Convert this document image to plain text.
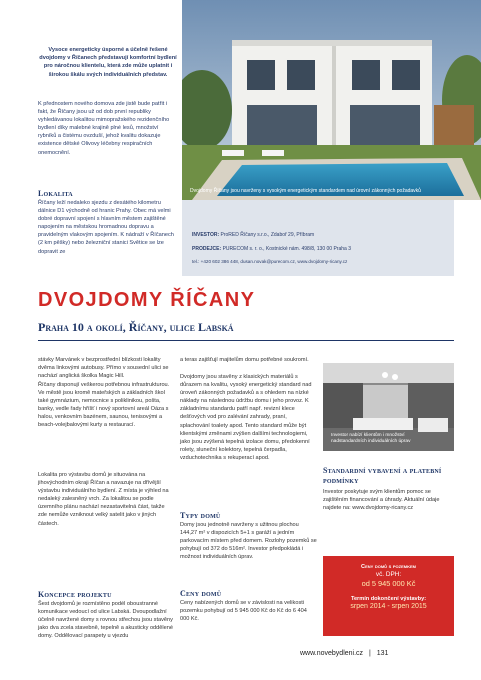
Vysoce energeticky úsporné a účelně řešené dvojdomy v Říčanech představují komfortní bydlení pro náročnou klientelu, která zde může uplatnit i širokou škálu svých individuálních představ.
K přednostem nového domova zde jistě bude patřit i fakt, že Říčany jsou už od dob první republiky vyhledávanou lokalitou mimopražského rezidenčního bydlení díky malebné krajině plné lesů, množství rybníků a čistému ovzduší, jehož kvalitu dokazuje existence dětské Olivovy léčebny respiračních onemocnění.
Lokalita
Říčany leží nedaleko sjezdu z desátého kilometru dálnice D1 východně od hranic Prahy. Obec má velmi dobré dopravní spojení s hlavním městem zajištěné napojením na městskou hromadnou dopravu a pravidelným vlakovým spojením. K nádraží v Říčanech (2 km pěšky) nebo železniční stanici Světice se lze dopravit ze
Dvojdomy Říčany jsou navrženy s vysokým energetickým standardem nad úrovní zákonných požadavků
INVESTOR: ProRED Říčany s.r.o., Zdaboř 29, Příbram
PRODEJCE: PURECOM s. r. o., Kostnické nám. 498/8, 130 00 Praha 3
tel.: +420 602 386 448, dusan.novak@purecom.cz, www.dvojdomy-ricany.cz
DVOJDOMY ŘÍČANY
Praha 10 a okolí, Říčany, ulice Labská
stávky Marvánek v bezprostřední blízkosti lokality dvěma linkovými autobusy. Přímo v sousední ulici se nachází anglická školka Magic Hill.
Říčany disponují veškerou potřebnou infrastrukturou. Ve městě jsou kromě mateřských a základních škol také gymnázium, nemocnice s poliklinikou, pošta, banky, vedle řady hříšť i nový sportovní areál Oáza s halou, venkovním bazénem, saunou, tenisovými a beach-volejbalovými kurty a restaurací.
Lokalita pro výstavbu domů je situována na jihovýchodním okraji Říčan a navazuje na dřívější výstavbu individuálního bydlení. Z místa je výhled na nedaleký zalesněný vrch. Za lokalitou se podle územního plánu nachází nezastavitelná část, takže zde nemůže vzniknout velký satelit jako v jiných částech.
Koncepce projektu
Šest dvojdomů je rozmístěno podél oboustranné komunikace vedoucí od ulice Labská. Dvoupodlažní účelně navržené domy s rovnou střechou jsou stavěny jako dva zcela stavebně, tepelně a akusticky oddělené domy. Oddělovací parapety u vjezdu
a teras zajišťují majitelům domu potřebné soukromí.
Dvojdomy jsou stavěny z klasických materiálů s důrazem na kvalitu, vysoký energetický standard nad úroveň zákonných požadavků a s ohledem na nízké náklady na následnou údržbu domu i jeho provoz. K základnímu standardu patří např. revizní klece dešťových vod pro zalévání zahrady, praní, splachování toalety apod. Tento standard může být klientskými změnami zvýšen dalšími technologiemi, jako jsou zvýšená tepelná izolace domu, předokenní rolety, sluneční kolektory, tepelná čerpadla, vzduchotechnika s rekuperací apod.
Typy domů
Domy jsou jednotně navrženy s užitnou plochou 144,27 m² v dispozicích 5+1 s garáží a jedním parkovacím místem před domem. Rozlohy pozemků se pohybují od 372 do 516m². Investor předpokládá i možnost individuálních úprav.
Ceny domů
Ceny nabízených domů se v závislosti na velikosti pozemku pohybují od 5 945 000 Kč do Kč do 6 404 000 Kč.
Investor nabízí klientům i množství nadstandardních individuálních úprav
Standardní vybavení a platební podmínky
Investor poskytuje svým klientům pomoc se zajištěním financování a úhrady. Aktuální údaje najdete na: www.dvojdomy-ricany.cz
Ceny domů s pozemkem
vč. DPH:
od 5 945 000 Kč
Termín dokončení výstavby:
srpen 2014 - srpen 2015
www.novebydleni.cz | 131
